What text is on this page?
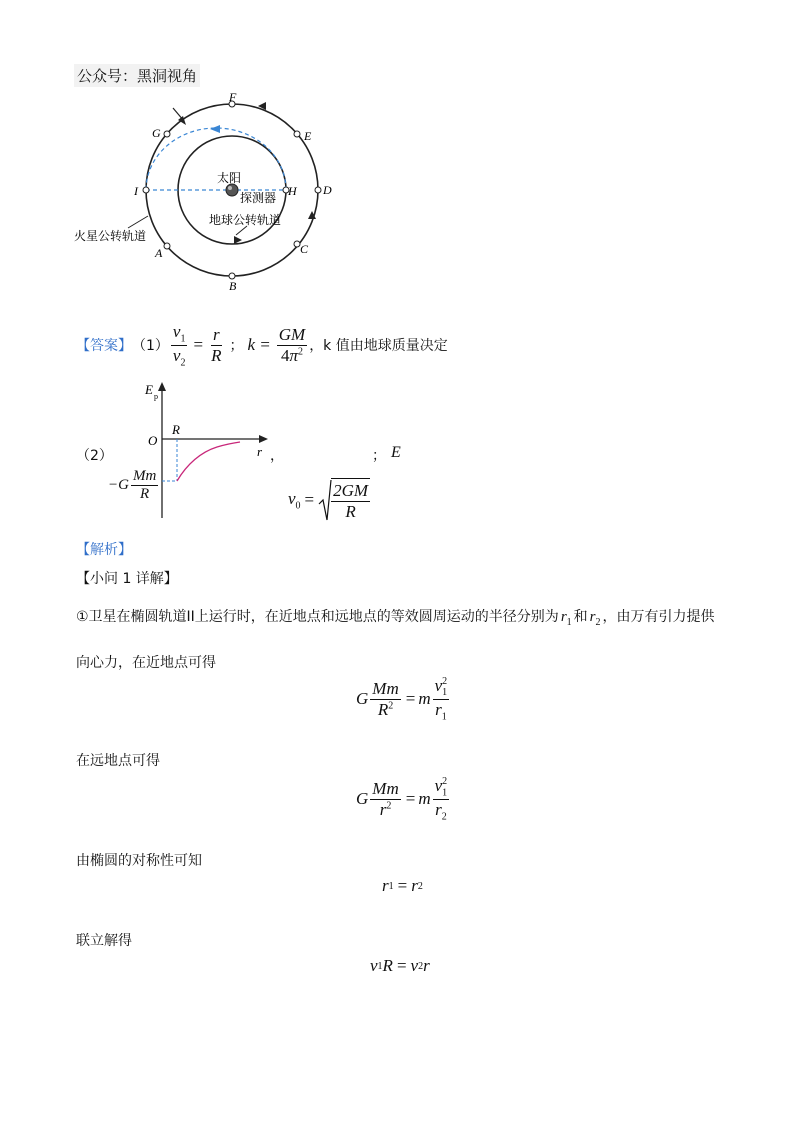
公众号：黑洞视角
F
G	E
I	D
H
A	C
B
太阳
探测器
地球公转轨道
火星公转轨道
【答案】 $(1) \frac{v_1}{v_2} = \frac{r}{R}$ ； $k = \frac{GM}{4\pi^2}$ ，k 值由地球质量决定
E p
O
R
r
$-G \frac{Mm}{R}$
（2）	，	； E
$v_0 = \frac{2GM}{R}$
【解析】
【小问 1 详解】
①卫星在椭圆轨道II上运行时，在近地点和远地点的等效圆周运动的半径分别为 $r_1$ 和 $r_2$ ，由万有引力提供
向心力，在近地点可得
G $\frac{Mm}{R^2} = m \frac{v_1^2}{r_1}$
在远地点可得
G $\frac{Mm}{r^2} = m \frac{v_1^2}{r_2}$
由椭圆的对称性可知
r 1 = r 2
联立解得
v 1 R = v 2 r
